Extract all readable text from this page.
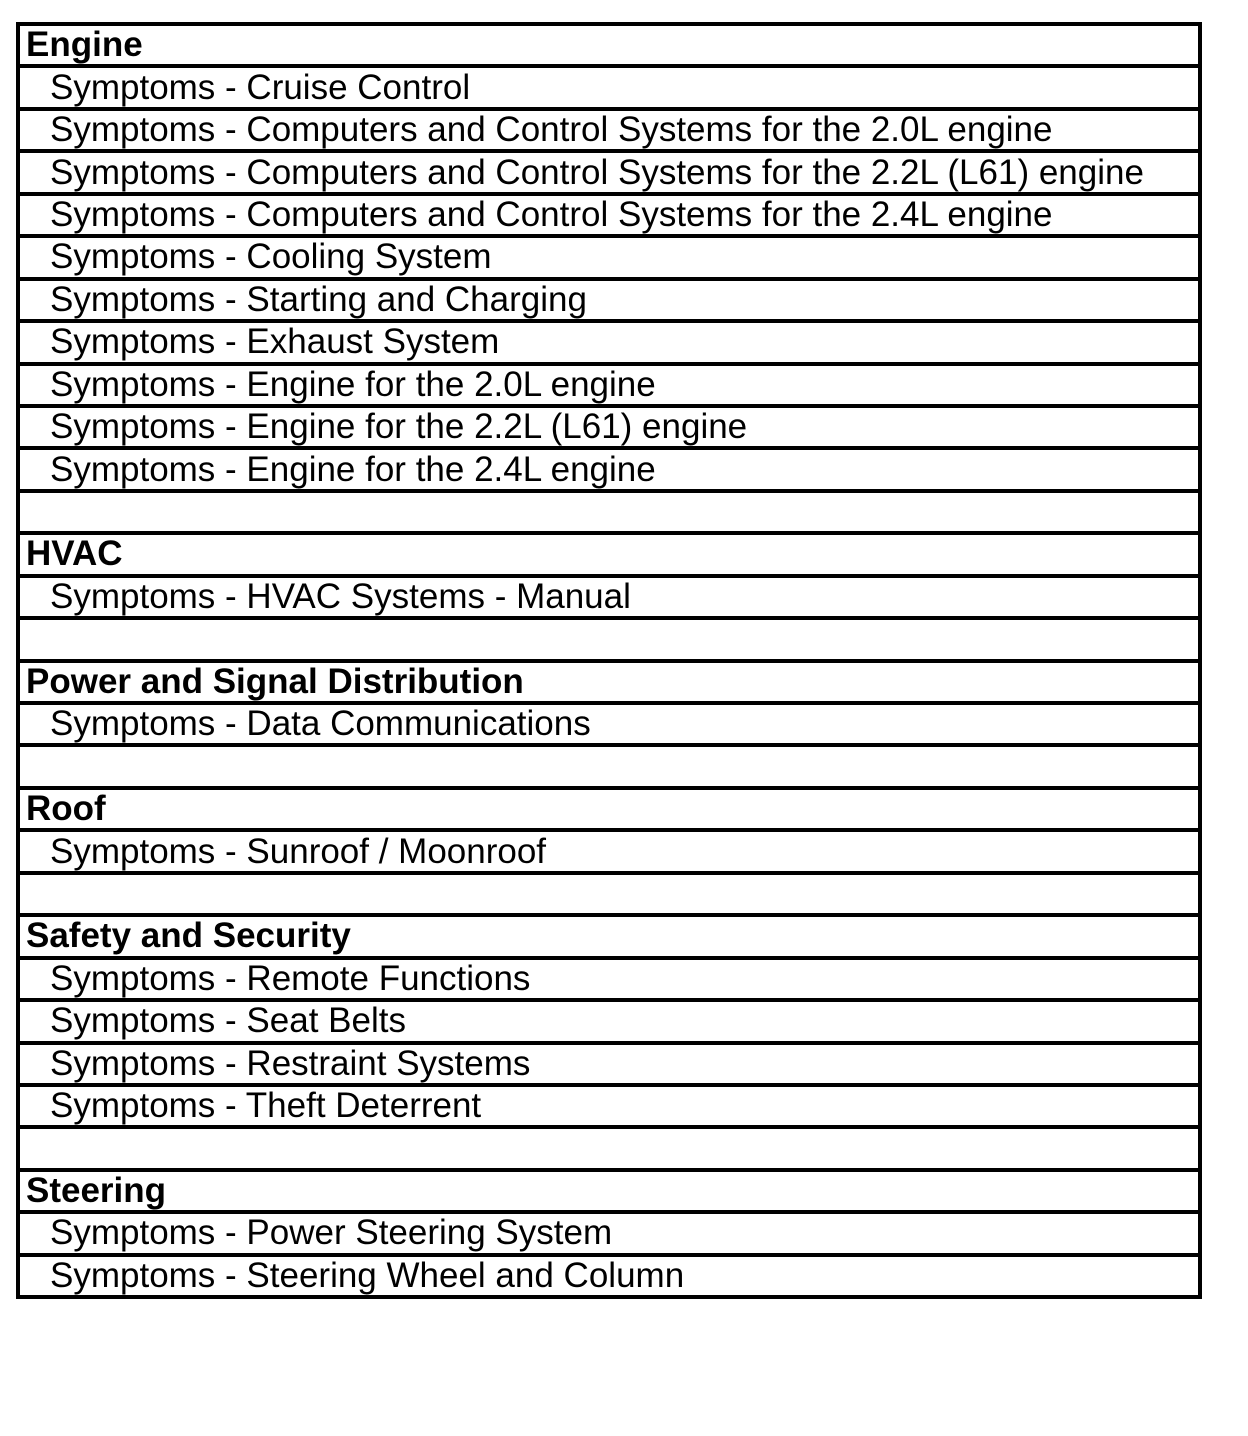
Engine
Symptoms - Cruise Control
Symptoms - Computers and Control Systems for the 2.0L engine
Symptoms - Computers and Control Systems for the 2.2L (L61) engine
Symptoms - Computers and Control Systems for the 2.4L engine
Symptoms - Cooling System
Symptoms - Starting and Charging
Symptoms - Exhaust System
Symptoms - Engine for the 2.0L engine
Symptoms - Engine for the 2.2L (L61) engine
Symptoms - Engine for the 2.4L engine

HVAC
Symptoms - HVAC Systems - Manual

Power and Signal Distribution
Symptoms - Data Communications

Roof
Symptoms - Sunroof / Moonroof

Safety and Security
Symptoms - Remote Functions
Symptoms - Seat Belts
Symptoms - Restraint Systems
Symptoms - Theft Deterrent

Steering
Symptoms - Power Steering System
Symptoms - Steering Wheel and Column
